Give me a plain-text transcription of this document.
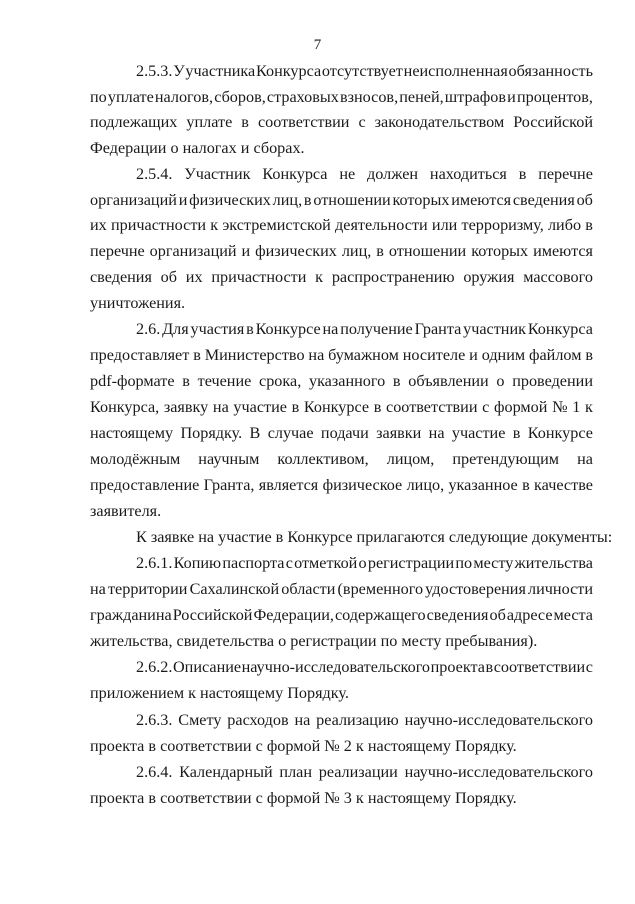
7
2.5.3. У участника Конкурса отсутствует неисполненная обязанность
по уплате налогов, сборов, страховых взносов, пеней, штрафов и процентов,
подлежащих уплате в соответствии с законодательством Российской
Федерации о налогах и сборах.
2.5.4. Участник Конкурса не должен находиться в перечне
организаций и физических лиц, в отношении которых имеются сведения об
их причастности к экстремистской деятельности или терроризму, либо в
перечне организаций и физических лиц, в отношении которых имеются
сведения об их причастности к распространению оружия массового
уничтожения.
2.6. Для участия в Конкурсе на получение Гранта участник Конкурса
предоставляет в Министерство на бумажном носителе и одним файлом в
pdf-формате в течение срока, указанного в объявлении о проведении
Конкурса, заявку на участие в Конкурсе в соответствии с формой № 1 к
настоящему Порядку. В случае подачи заявки на участие в Конкурсе
молодёжным научным коллективом, лицом, претендующим на
предоставление Гранта, является физическое лицо, указанное в качестве
заявителя.
К заявке на участие в Конкурсе прилагаются следующие документы:
2.6.1. Копию паспорта с отметкой о регистрации по месту жительства
на территории Сахалинской области (временного удостоверения личности
гражданина Российской Федерации, содержащего сведения об адресе места
жительства, свидетельства о регистрации по месту пребывания).
2.6.2. Описание научно-исследовательского проекта в соответствии с
приложением к настоящему Порядку.
2.6.3. Смету расходов на реализацию научно-исследовательского
проекта в соответствии с формой № 2 к настоящему Порядку.
2.6.4. Календарный план реализации научно-исследовательского
проекта в соответствии с формой № 3 к настоящему Порядку.
